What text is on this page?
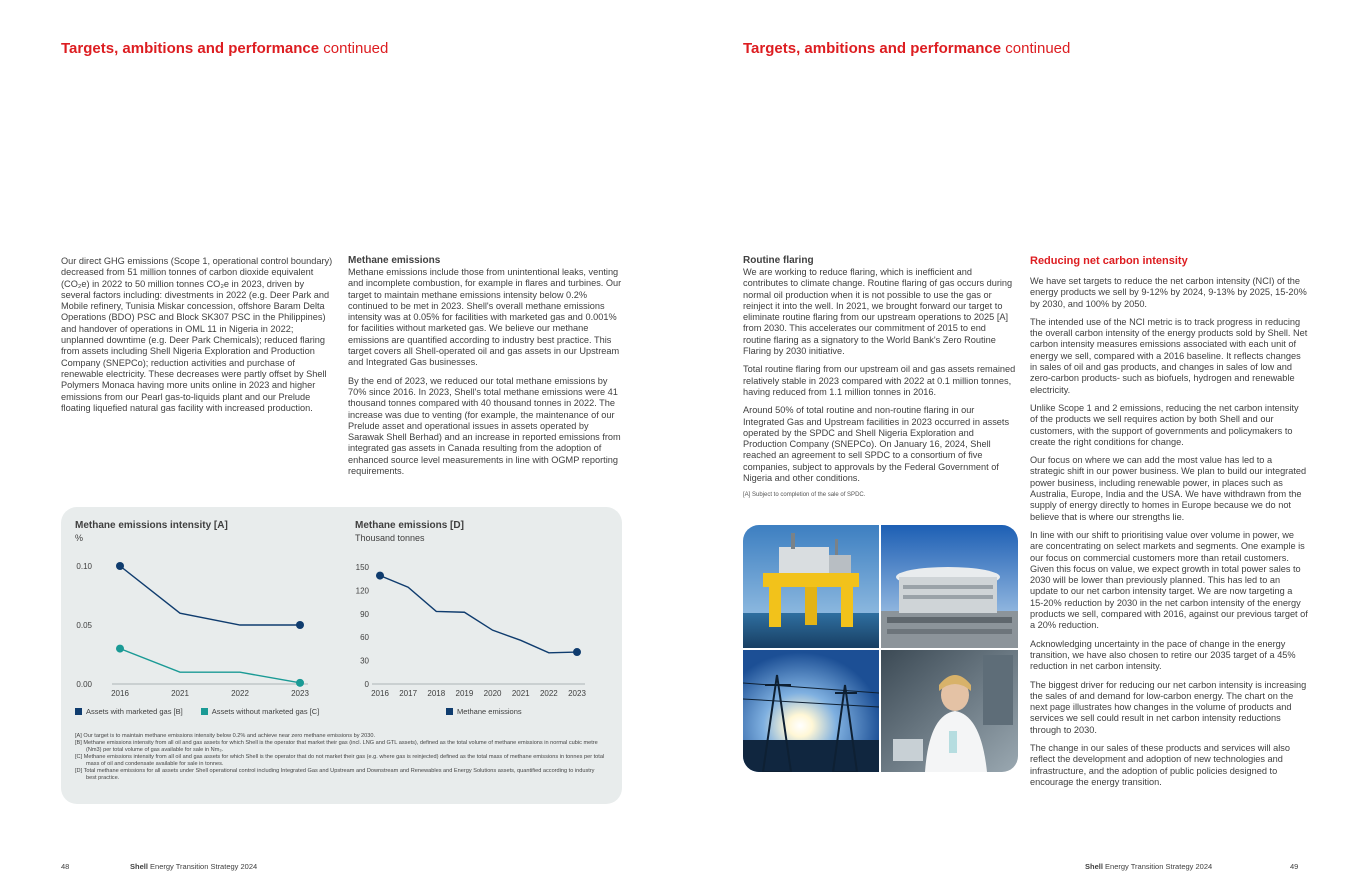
Targets, ambitions and performance continued

Our direct GHG emissions (Scope 1, operational control boundary) decreased from 51 million tonnes of carbon dioxide equivalent (CO₂e) in 2022 to 50 million tonnes CO₂e in 2023, driven by several factors including: divestments in 2022 (e.g. Deer Park and Mobile refinery, Tunisia Miskar concession, offshore Baram Delta Operations (BDO) PSC and Block SK307 PSC in the Philippines) and handover of operations in OML 11 in Nigeria in 2022; unplanned downtime (e.g. Deer Park Chemicals); reduced flaring from assets including Shell Nigeria Exploration and Production Company (SNEPCo); reduction activities and purchase of renewable electricity. These decreases were partly offset by Shell Polymers Monaca having more units online in 2023 and higher emissions from our Pearl gas-to-liquids plant and our Prelude floating liquefied natural gas facility with increased production.

Methane emissions

Methane emissions include those from unintentional leaks, venting and incomplete combustion, for example in flares and turbines. Our target to maintain methane emissions intensity below 0.2% continued to be met in 2023. Shell's overall methane emissions intensity was at 0.05% for facilities with marketed gas and 0.001% for facilities without marketed gas. We believe our methane emissions are quantified according to industry best practice. This target covers all Shell-operated oil and gas assets in our Upstream and Integrated Gas businesses.

By the end of 2023, we reduced our total methane emissions by 70% since 2016. In 2023, Shell's total methane emissions were 41 thousand tonnes compared with 40 thousand tonnes in 2022. The increase was due to venting (for example, the maintenance of our Prelude asset and operational issues in assets operated by Sarawak Shell Berhad) and an increase in reported emissions from integrated gas assets in Canada resulting from the adoption of enhanced source level measurements in line with OGMP reporting requirements.

Methane emissions intensity [A]
%
Methane emissions [D]
Thousand tonnes
0.00
0.05
0.10
2016	2021	2022	2023
0
30
60
90
120
150
2016 2017 2018 2019 2020 2021 2022 2023
Assets with marketed gas [B]	Assets without marketed gas [C]	Methane emissions
[A] Our target is to maintain methane emissions intensity below 0.2% and achieve near zero methane emissions by 2030.
[B] Methane emissions intensity from all oil and gas assets for which Shell is the operator that market their gas (incl. LNG and GTL assets), defined as the total volume of methane emissions in normal cubic metre (Nm3) per total volume of gas available for sale in Nm₃.
[C] Methane emissions intensity from all oil and gas assets for which Shell is the operator that do not market their gas (e.g. where gas is reinjected) defined as the total mass of methane emissions in tonnes per total mass of oil and condensate available for sale in tonnes.
[D] Total methane emissions for all assets under Shell operational control including Integrated Gas and Upstream and Downstream and Renewables and Energy Solutions assets, quantified according to industry best practice.
48	Shell Energy Transition Strategy 2024
Targets, ambitions and performance continued
Routine flaring

We are working to reduce flaring, which is inefficient and contributes to climate change. Routine flaring of gas occurs during normal oil production when it is not possible to use the gas or reinject it into the well. In 2021, we brought forward our target to eliminate routine flaring from our upstream operations to 2025 [A] from 2030. This accelerates our commitment of 2015 to end routine flaring as a signatory to the World Bank's Zero Routine Flaring by 2030 initiative.

Total routine flaring from our upstream oil and gas assets remained relatively stable in 2023 compared with 2022 at 0.1 million tonnes, having reduced from 1.1 million tonnes in 2016.

Around 50% of total routine and non-routine flaring in our Integrated Gas and Upstream facilities in 2023 occurred in assets operated by the SPDC and Shell Nigeria Exploration and Production Company (SNEPCo). On January 16, 2024, Shell reached an agreement to sell SPDC to a consortium of five companies, subject to approvals by the Federal Government of Nigeria and other conditions.

[A] Subject to completion of the sale of SPDC.
Reducing net carbon intensity

We have set targets to reduce the net carbon intensity (NCI) of the energy products we sell by 9-12% by 2024, 9-13% by 2025, 15-20% by 2030, and 100% by 2050.

The intended use of the NCI metric is to track progress in reducing the overall carbon intensity of the energy products sold by Shell. Net carbon intensity measures emissions associated with each unit of energy we sell, compared with a 2016 baseline. It reflects changes in sales of oil and gas products, and changes in sales of low and zero-carbon products- such as biofuels, hydrogen and renewable electricity.

Unlike Scope 1 and 2 emissions, reducing the net carbon intensity of the products we sell requires action by both Shell and our customers, with the support of governments and policymakers to create the right conditions for change.

Our focus on where we can add the most value has led to a strategic shift in our power business. We plan to build our integrated power business, including renewable power, in places such as Australia, Europe, India and the USA. We have withdrawn from the supply of energy directly to homes in Europe because we do not believe that is where our strengths lie.

In line with our shift to prioritising value over volume in power, we are concentrating on select markets and segments. One example is our focus on commercial customers more than retail customers. Given this focus on value, we expect growth in total power sales to 2030 will be lower than previously planned. This has led to an update to our net carbon intensity target. We are now targeting a 15-20% reduction by 2030 in the net carbon intensity of the energy products we sell, compared with 2016, against our previous target of a 20% reduction.

Acknowledging uncertainty in the pace of change in the energy transition, we have also chosen to retire our 2035 target of a 45% reduction in net carbon intensity.

The biggest driver for reducing our net carbon intensity is increasing the sales of and demand for low-carbon energy. The chart on the next page illustrates how changes in the volume of products and services we sell could result in net carbon intensity reductions through to 2030.

The change in our sales of these products and services will also reflect the development and adoption of new technologies and infrastructure, and the adoption of public policies designed to encourage the energy transition.

Shell Energy Transition Strategy 2024	49
